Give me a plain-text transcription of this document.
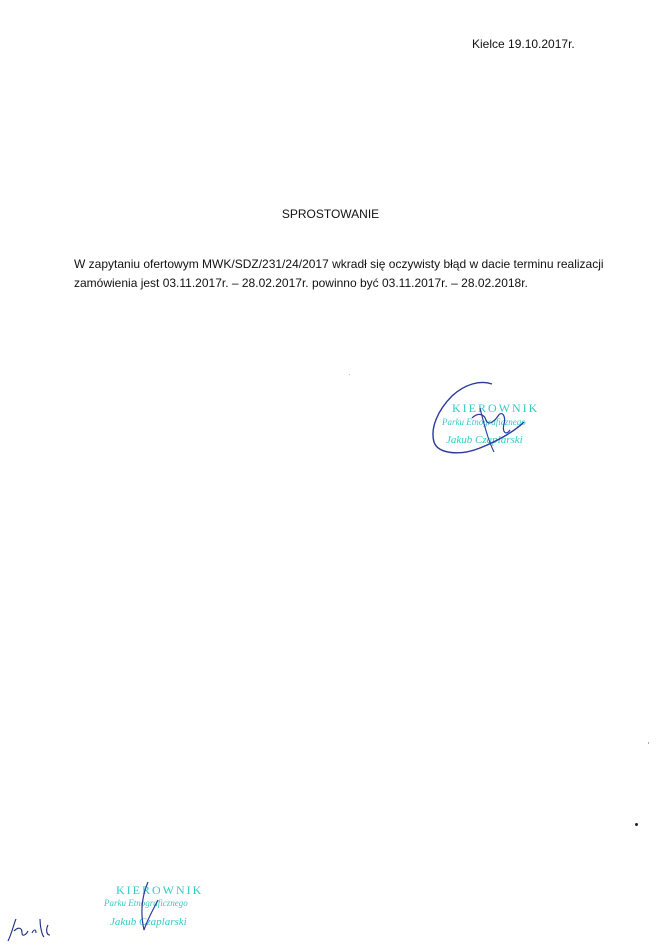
Kielce 19.10.2017r.
SPROSTOWANIE

W zapytaniu ofertowym MWK/SDZ/231/24/2017 wkradł się oczywisty błąd w dacie terminu realizacji

zamówienia jest 03.11.2017r. – 28.02.2017r. powinno być 03.11.2017r. – 28.02.2018r.

KIEROWNIK
Parku Etnograficznego
Jakub Czaplarski
KIEROWNIK
Parku Etnograficznego
Jakub Czaplarski
